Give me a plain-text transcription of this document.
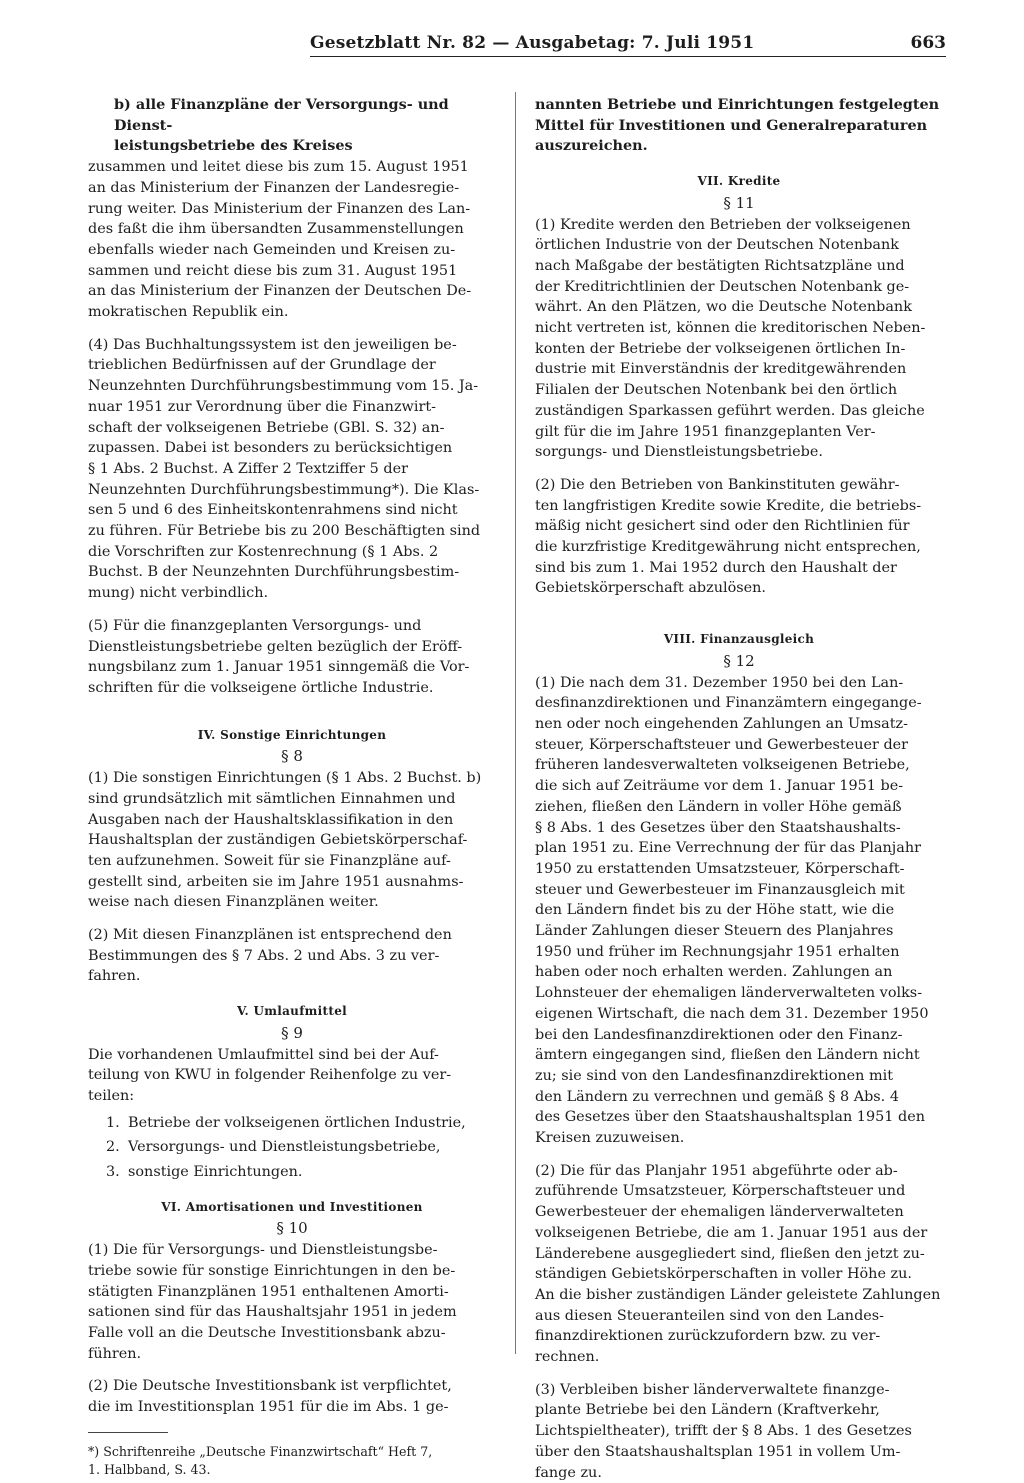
Gesetzblatt Nr. 82 — Ausgabetag: 7. Juli 1951	663

b) alle Finanzpläne der Versorgungs- und Dienst-
leistungsbetriebe des Kreises

zusammen und leitet diese bis zum 15. August 1951
an das Ministerium der Finanzen der Landesregie-
rung weiter. Das Ministerium der Finanzen des Lan-
des faßt die ihm übersandten Zusammenstellungen
ebenfalls wieder nach Gemeinden und Kreisen zu-
sammen und reicht diese bis zum 31. August 1951
an das Ministerium der Finanzen der Deutschen De-
mokratischen Republik ein.

(4) Das Buchhaltungssystem ist den jeweiligen be-
trieblichen Bedürfnissen auf der Grundlage der
Neunzehnten Durchführungsbestimmung vom 15. Ja-
nuar 1951 zur Verordnung über die Finanzwirt-
schaft der volkseigenen Betriebe (GBl. S. 32) an-
zupassen. Dabei ist besonders zu berücksichtigen
§ 1 Abs. 2 Buchst. A Ziffer 2 Textziffer 5 der
Neunzehnten Durchführungsbestimmung*). Die Klas-
sen 5 und 6 des Einheitskontenrahmens sind nicht
zu führen. Für Betriebe bis zu 200 Beschäftigten sind
die Vorschriften zur Kostenrechnung (§ 1 Abs. 2
Buchst. B der Neunzehnten Durchführungsbestim-
mung) nicht verbindlich.

(5) Für die finanzgeplanten Versorgungs- und
Dienstleistungsbetriebe gelten bezüglich der Eröff-
nungsbilanz zum 1. Januar 1951 sinngemäß die Vor-
schriften für die volkseigene örtliche Industrie.

IV. Sonstige Einrichtungen
§ 8

(1) Die sonstigen Einrichtungen (§ 1 Abs. 2 Buchst. b)
sind grundsätzlich mit sämtlichen Einnahmen und
Ausgaben nach der Haushaltsklassifikation in den
Haushaltsplan der zuständigen Gebietskörperschaf-
ten aufzunehmen. Soweit für sie Finanzpläne auf-
gestellt sind, arbeiten sie im Jahre 1951 ausnahms-
weise nach diesen Finanzplänen weiter.

(2) Mit diesen Finanzplänen ist entsprechend den
Bestimmungen des § 7 Abs. 2 und Abs. 3 zu ver-
fahren.

V. Umlaufmittel
§ 9

Die vorhandenen Umlaufmittel sind bei der Auf-
teilung von KWU in folgender Reihenfolge zu ver-
teilen:

1. Betriebe der volkseigenen örtlichen Industrie,
2. Versorgungs- und Dienstleistungsbetriebe,
3. sonstige Einrichtungen.
VI. Amortisationen und Investitionen
§ 10

(1) Die für Versorgungs- und Dienstleistungsbe-
triebe sowie für sonstige Einrichtungen in den be-
stätigten Finanzplänen 1951 enthaltenen Amorti-
sationen sind für das Haushaltsjahr 1951 in jedem
Falle voll an die Deutsche Investitionsbank abzu-
führen.

(2) Die Deutsche Investitionsbank ist verpflichtet,
die im Investitionsplan 1951 für die im Abs. 1 ge-

*) Schriftenreihe „Deutsche Finanzwirtschaft“ Heft 7,
1. Halbband, S. 43.

nannten Betriebe und Einrichtungen festgelegten
Mittel für Investitionen und Generalreparaturen
auszureichen.

VII. Kredite
§ 11

(1) Kredite werden den Betrieben der volkseigenen
örtlichen Industrie von der Deutschen Notenbank
nach Maßgabe der bestätigten Richtsatzpläne und
der Kreditrichtlinien der Deutschen Notenbank ge-
währt. An den Plätzen, wo die Deutsche Notenbank
nicht vertreten ist, können die kreditorischen Neben-
konten der Betriebe der volkseigenen örtlichen In-
dustrie mit Einverständnis der kreditgewährenden
Filialen der Deutschen Notenbank bei den örtlich
zuständigen Sparkassen geführt werden. Das gleiche
gilt für die im Jahre 1951 finanzgeplanten Ver-
sorgungs- und Dienstleistungsbetriebe.

(2) Die den Betrieben von Bankinstituten gewähr-
ten langfristigen Kredite sowie Kredite, die betriebs-
mäßig nicht gesichert sind oder den Richtlinien für
die kurzfristige Kreditgewährung nicht entsprechen,
sind bis zum 1. Mai 1952 durch den Haushalt der
Gebietskörperschaft abzulösen.

VIII. Finanzausgleich
§ 12

(1) Die nach dem 31. Dezember 1950 bei den Lan-
desfinanzdirektionen und Finanzämtern eingegange-
nen oder noch eingehenden Zahlungen an Umsatz-
steuer, Körperschaftsteuer und Gewerbesteuer der
früheren landesverwalteten volkseigenen Betriebe,
die sich auf Zeiträume vor dem 1. Januar 1951 be-
ziehen, fließen den Ländern in voller Höhe gemäß
§ 8 Abs. 1 des Gesetzes über den Staatshaushalts-
plan 1951 zu. Eine Verrechnung der für das Planjahr
1950 zu erstattenden Umsatzsteuer, Körperschaft-
steuer und Gewerbesteuer im Finanzausgleich mit
den Ländern findet bis zu der Höhe statt, wie die
Länder Zahlungen dieser Steuern des Planjahres
1950 und früher im Rechnungsjahr 1951 erhalten
haben oder noch erhalten werden. Zahlungen an
Lohnsteuer der ehemaligen länderverwalteten volks-
eigenen Wirtschaft, die nach dem 31. Dezember 1950
bei den Landesfinanzdirektionen oder den Finanz-
ämtern eingegangen sind, fließen den Ländern nicht
zu; sie sind von den Landesfinanzdirektionen mit
den Ländern zu verrechnen und gemäß § 8 Abs. 4
des Gesetzes über den Staatshaushaltsplan 1951 den
Kreisen zuzuweisen.

(2) Die für das Planjahr 1951 abgeführte oder ab-
zuführende Umsatzsteuer, Körperschaftsteuer und
Gewerbesteuer der ehemaligen länderverwalteten
volkseigenen Betriebe, die am 1. Januar 1951 aus der
Länderebene ausgegliedert sind, fließen den jetzt zu-
ständigen Gebietskörperschaften in voller Höhe zu.
An die bisher zuständigen Länder geleistete Zahlungen
aus diesen Steueranteilen sind von den Landes-
finanzdirektionen zurückzufordern bzw. zu ver-
rechnen.

(3) Verbleiben bisher länderverwaltete finanzge-
plante Betriebe bei den Ländern (Kraftverkehr,
Lichtspieltheater), trifft der § 8 Abs. 1 des Gesetzes
über den Staatshaushaltsplan 1951 in vollem Um-
fange zu.
